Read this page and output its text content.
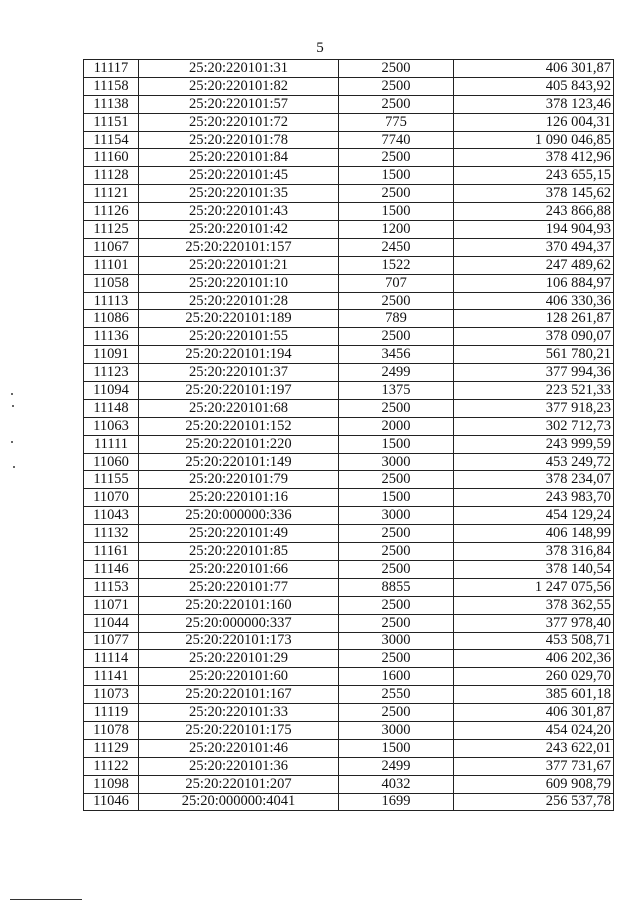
5
11117	25:20:220101:31	2500	406 301,87
11158	25:20:220101:82	2500	405 843,92
11138	25:20:220101:57	2500	378 123,46
11151	25:20:220101:72	775	126 004,31
11154	25:20:220101:78	7740	1 090 046,85
11160	25:20:220101:84	2500	378 412,96
11128	25:20:220101:45	1500	243 655,15
11121	25:20:220101:35	2500	378 145,62
11126	25:20:220101:43	1500	243 866,88
11125	25:20:220101:42	1200	194 904,93
11067	25:20:220101:157	2450	370 494,37
11101	25:20:220101:21	1522	247 489,62
11058	25:20:220101:10	707	106 884,97
11113	25:20:220101:28	2500	406 330,36
11086	25:20:220101:189	789	128 261,87
11136	25:20:220101:55	2500	378 090,07
11091	25:20:220101:194	3456	561 780,21
11123	25:20:220101:37	2499	377 994,36
11094	25:20:220101:197	1375	223 521,33
11148	25:20:220101:68	2500	377 918,23
11063	25:20:220101:152	2000	302 712,73
11111	25:20:220101:220	1500	243 999,59
11060	25:20:220101:149	3000	453 249,72
11155	25:20:220101:79	2500	378 234,07
11070	25:20:220101:16	1500	243 983,70
11043	25:20:000000:336	3000	454 129,24
11132	25:20:220101:49	2500	406 148,99
11161	25:20:220101:85	2500	378 316,84
11146	25:20:220101:66	2500	378 140,54
11153	25:20:220101:77	8855	1 247 075,56
11071	25:20:220101:160	2500	378 362,55
11044	25:20:000000:337	2500	377 978,40
11077	25:20:220101:173	3000	453 508,71
11114	25:20:220101:29	2500	406 202,36
11141	25:20:220101:60	1600	260 029,70
11073	25:20:220101:167	2550	385 601,18
11119	25:20:220101:33	2500	406 301,87
11078	25:20:220101:175	3000	454 024,20
11129	25:20:220101:46	1500	243 622,01
11122	25:20:220101:36	2499	377 731,67
11098	25:20:220101:207	4032	609 908,79
11046	25:20:000000:4041	1699	256 537,78
